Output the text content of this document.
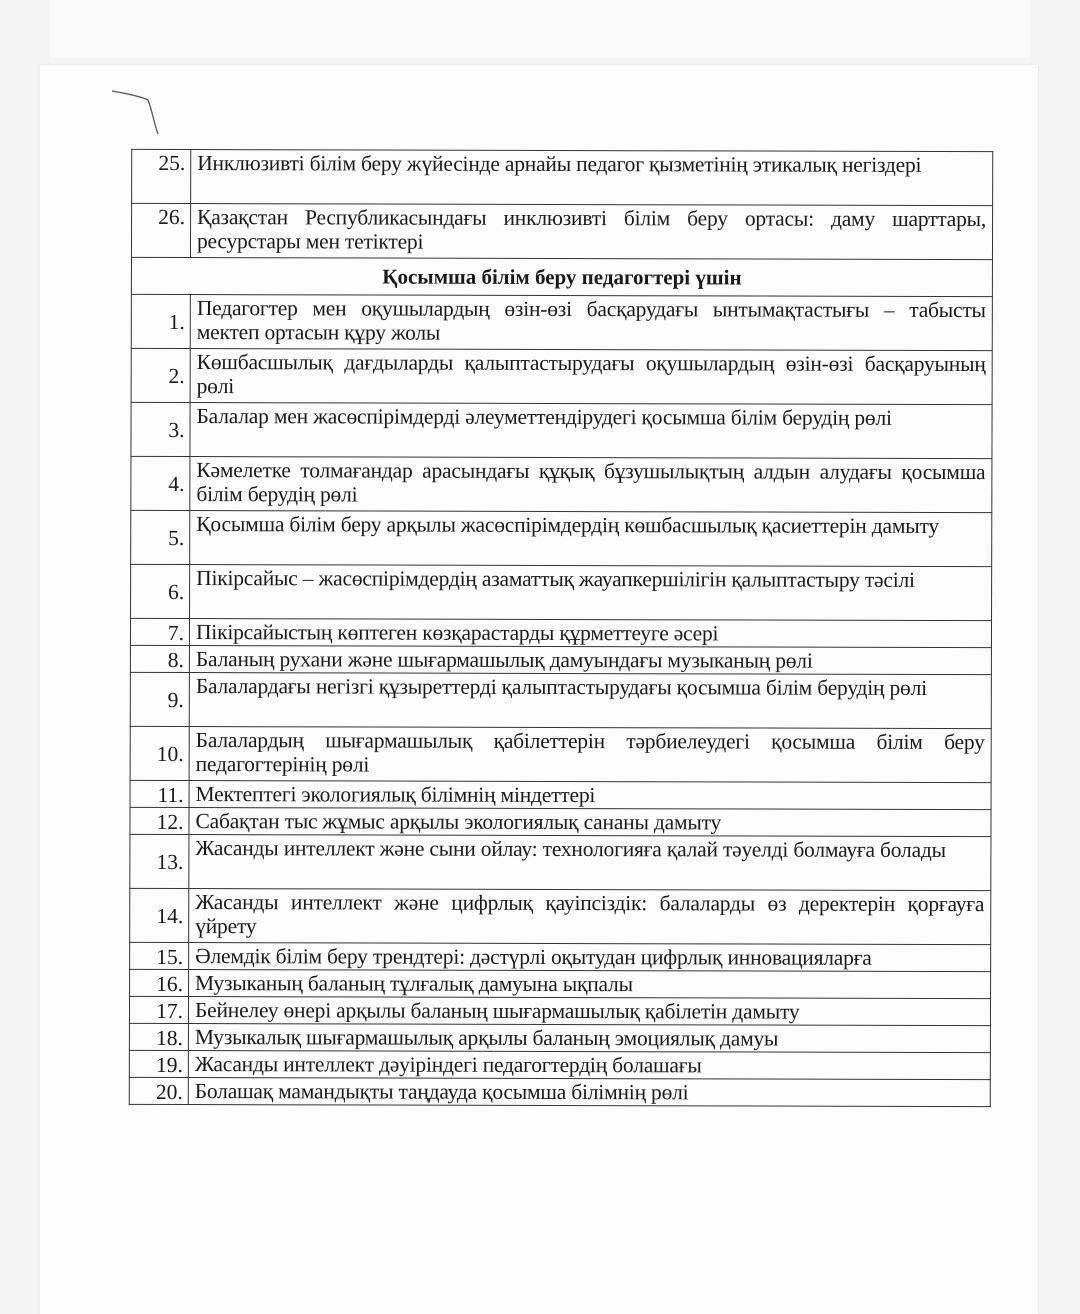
25.	Инклюзивті білім беру жүйесінде арнайы педагог қызметінің этикалық негіздері
26.	Қазақстан Республикасындағы инклюзивті білім беру ортасы: даму шарттары, ресурстары мен тетіктері
Қосымша білім беру педагогтері үшін	
1.	Педагогтер мен оқушылардың өзін-өзі басқарудағы ынтымақтастығы – табысты мектеп ортасын құру жолы
2.	Көшбасшылық дағдыларды қалыптастырудағы оқушылардың өзін-өзі басқаруының рөлі
3.	Балалар мен жасөспірімдерді әлеуметтендірудегі қосымша білім берудің рөлі
4.	Кәмелетке толмағандар арасындағы құқық бұзушылықтың алдын алудағы қосымша білім берудің рөлі
5.	Қосымша білім беру арқылы жасөспірімдердің көшбасшылық қасиеттерін дамыту
6.	Пікірсайыс – жасөспірімдердің азаматтық жауапкершілігін қалыптастыру тәсілі
7.	Пікірсайыстың көптеген көзқарастарды құрметтеуге әсері
8.	Баланың рухани және шығармашылық дамуындағы музыканың рөлі
9.	Балалардағы негізгі құзыреттерді қалыптастырудағы қосымша білім берудің рөлі
10.	Балалардың шығармашылық қабілеттерін тәрбиелеудегі қосымша білім беру педагогтерінің рөлі
11.	Мектептегі экологиялық білімнің міндеттері
12.	Сабақтан тыс жұмыс арқылы экологиялық сананы дамыту
13.	Жасанды интеллект және сыни ойлау: технологияға қалай тәуелді болмауға болады
14.	Жасанды интеллект және цифрлық қауіпсіздік: балаларды өз деректерін қорғауға үйрету
15.	Әлемдік білім беру трендтері: дәстүрлі оқытудан цифрлық инновацияларға
16.	Музыканың баланың тұлғалық дамуына ықпалы
17.	Бейнелеу өнері арқылы баланың шығармашылық қабілетін дамыту
18.	Музыкалық шығармашылық арқылы баланың эмоциялық дамуы
19.	Жасанды интеллект дәуіріндегі педагогтердің болашағы
20.	Болашақ мамандықты таңдауда қосымша білімнің рөлі
